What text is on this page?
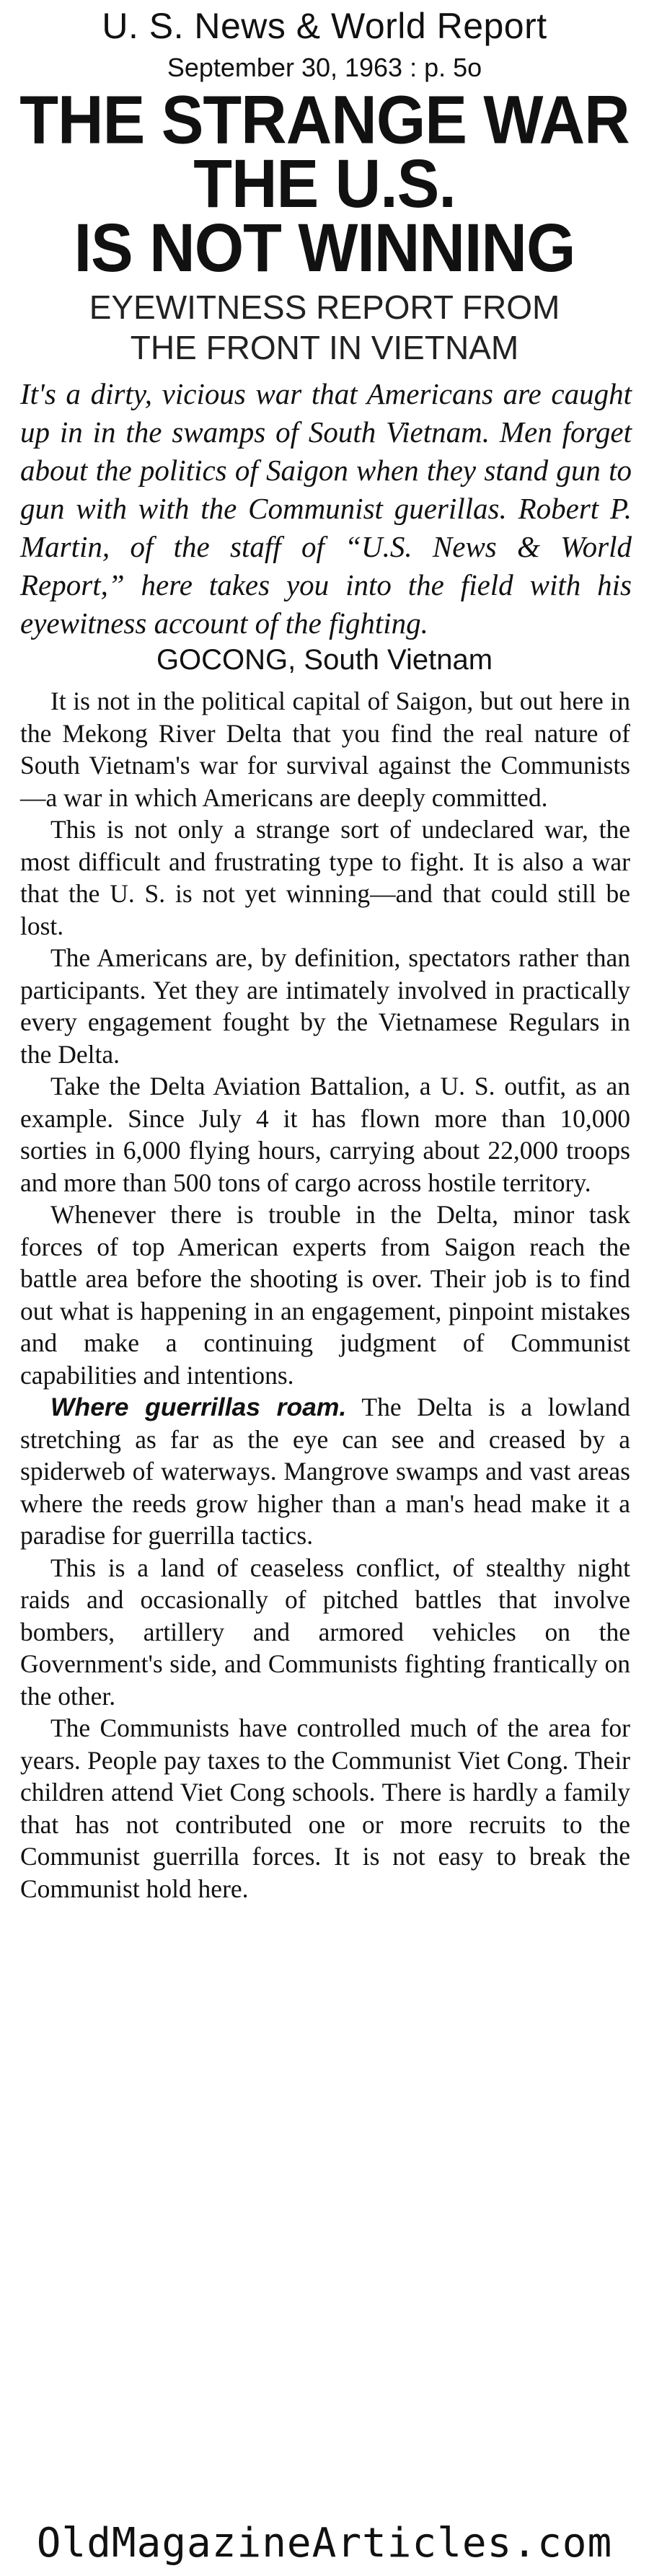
U. S. News & World Report
September 30, 1963 : p. 5o
THE STRANGE WAR
THE U.S.
IS NOT WINNING
EYEWITNESS REPORT FROM
THE FRONT IN VIETNAM
It's a dirty, vicious war that Americans are caught up in in the swamps of South Vietnam. Men forget about the politics of Saigon when they stand gun to gun with with the Communist guerillas. Robert P. Martin, of the staff of “U.S. News & World Report,” here takes you into the field with his eyewitness account of the fighting.
GOCONG, South Vietnam

It is not in the political capital of Saigon, but out here in the Mekong River Delta that you find the real nature of South Vietnam's war for survival against the Communists—a war in which Americans are deeply committed.

This is not only a strange sort of undeclared war, the most difficult and frustrating type to fight. It is also a war that the U. S. is not yet winning—and that could still be lost.

The Americans are, by definition, spectators rather than participants. Yet they are intimately involved in practically every engagement fought by the Vietnamese Regulars in the Delta.

Take the Delta Aviation Battalion, a U. S. outfit, as an example. Since July 4 it has flown more than 10,000 sorties in 6,000 flying hours, carrying about 22,000 troops and more than 500 tons of cargo across hostile territory.

Whenever there is trouble in the Delta, minor task forces of top American experts from Saigon reach the battle area before the shooting is over. Their job is to find out what is happening in an engagement, pinpoint mistakes and make a continuing judgment of Communist capabilities and intentions.

Where guerrillas roam. The Delta is a lowland stretching as far as the eye can see and creased by a spiderweb of waterways. Mangrove swamps and vast areas where the reeds grow higher than a man's head make it a paradise for guerrilla tactics.

This is a land of ceaseless conflict, of stealthy night raids and occasionally of pitched battles that involve bombers, artillery and armored vehicles on the Government's side, and Communists fighting frantically on the other.

The Communists have controlled much of the area for years. People pay taxes to the Communist Viet Cong. Their children attend Viet Cong schools. There is hardly a family that has not contributed one or more recruits to the Communist guerrilla forces. It is not easy to break the Communist hold here.

OldMagazineArticles.com
